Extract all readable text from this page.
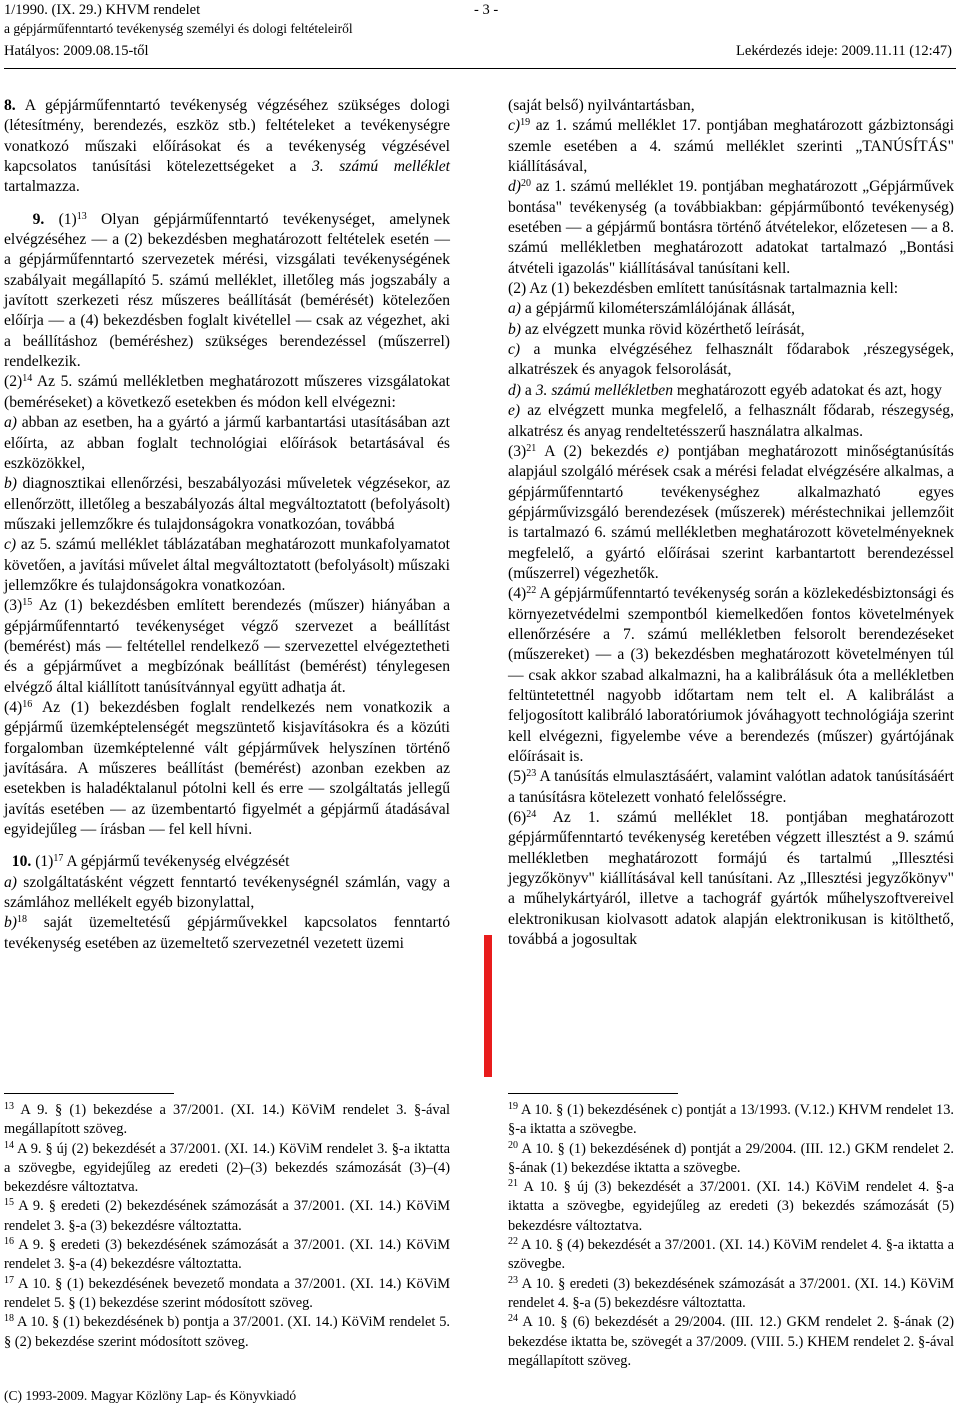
1/1990. (IX. 29.) KHVM rendelet	- 3 -
a gépjárműfenntartó tevékenység személyi és dologi feltételeiről
Hatályos: 2009.08.15-től	Lekérdezés ideje: 2009.11.11 (12:47)

8. A gépjárműfenntartó tevékenység végzéséhez szükséges dologi (létesítmény, berendezés, eszköz stb.) feltételeket a tevékenységre vonatkozó műszaki előírásokat és a tevékenység végzésével kapcsolatos tanúsítási kötelezettségeket a 3. számú melléklet tartalmazza.

9. $(1)^{13}$ Olyan gépjárműfenntartó tevékenységet, amelynek elvégzéséhez — a (2) bekezdésben meghatározott feltételek esetén — a gépjárműfenntartó szervezetek mérési, vizsgálati tevékenységének szabályait megállapító 5. számú melléklet, illetőleg más jogszabály a javított szerkezeti rész műszeres beállítását (bemérését) kötelezően előírja — a (4) bekezdésben foglalt kivétellel — csak az végezhet, aki a beállításhoz (beméréshez) szükséges berendezéssel (műszerrel) rendelkezik.

$(2)^{14}$ Az 5. számú mellékletben meghatározott műszeres vizsgálatokat (beméréseket) a következő esetekben és módon kell elvégezni:

a) abban az esetben, ha a gyártó a jármű karbantartási utasításában azt előírta, az abban foglalt technológiai előírások betartásával és eszközökkel,

b) diagnosztikai ellenőrzési, beszabályozási műveletek végzésekor, az ellenőrzött, illetőleg a beszabályozás által megváltoztatott (befolyásolt) műszaki jellemzőkre és tulajdonságokra vonatkozóan, továbbá

c) az 5. számú melléklet táblázatában meghatározott munkafolyamatot követően, a javítási művelet által megváltoztatott (befolyásolt) műszaki jellemzőkre és tulajdonságokra vonatkozóan.

$(3)^{15}$ Az (1) bekezdésben említett berendezés (műszer) hiányában a gépjárműfenntartó tevékenységet végző szervezet a beállítást (bemérést) más — feltétellel rendelkező — szervezettel elvégeztetheti és a gépjárművet a megbízónak beállítást (bemérést) ténylegesen elvégző által kiállított tanúsítvánnyal együtt adhatja át.

$(4)^{16}$ Az (1) bekezdésben foglalt rendelkezés nem vonatkozik a gépjármű üzemképtelenségét megszüntető kisjavításokra és a közúti forgalomban üzemképtelenné vált gépjárművek helyszínen történő javítására. A műszeres beállítást (bemérést) azonban ezekben az esetekben is haladéktalanul pótolni kell és erre — szolgáltatás jellegű javítás esetében — az üzembentartó figyelmét a gépjármű átadásával egyidejűleg — írásban — fel kell hívni.

10. $(1)^{17}$ A gépjármű tevékenység elvégzését

a) szolgáltatásként végzett fenntartó tevékenységnél számlán, vagy a számlához mellékelt egyéb bizonylattal,

b)$^{18}$ saját üzemeltetésű gépjárművekkel kapcsolatos fenntartó tevékenység esetében az üzemeltető szervezetnél vezetett üzemi

(saját belső) nyilvántartásban,

c)$^{19}$ az 1. számú melléklet 17. pontjában meghatározott gázbiztonsági szemle esetében a 4. számú melléklet szerinti „TANÚSÍTÁS" kiállításával,

d)$^{20}$ az 1. számú melléklet 19. pontjában meghatározott „Gépjárművek bontása" tevékenység (a továbbiakban: gépjárműbontó tevékenység) esetében — a gépjármű bontásra történő átvételekor, előzetesen — a 8. számú mellékletben meghatározott adatokat tartalmazó „Bontási átvételi igazolás" kiállításával tanúsítani kell.

(2) Az (1) bekezdésben említett tanúsításnak tartalmaznia kell:

a) a gépjármű kilométerszámlálójának állását,

b) az elvégzett munka rövid közérthető leírását,

c) a munka elvégzéséhez felhasznált fődarabok ,részegységek, alkatrészek és anyagok felsorolását,

d) a 3. számú mellékletben meghatározott egyéb adatokat és azt, hogy

e) az elvégzett munka megfelelő, a felhasznált fődarab, részegység, alkatrész és anyag rendeltetésszerű használatra alkalmas.

$(3)^{21}$ A (2) bekezdés e) pontjában meghatározott minőségtanúsítás alapjául szolgáló mérések csak a mérési feladat elvégzésére alkalmas, a gépjárműfenntartó tevékenységhez alkalmazható egyes gépjárművizsgáló berendezések (műszerek) méréstechnikai jellemzőit is tartalmazó 6. számú mellékletben meghatározott követelményeknek megfelelő, a gyártó előírásai szerint karbantartott berendezéssel (műszerrel) végezhetők.

$(4)^{22}$ A gépjárműfenntartó tevékenység során a közlekedésbiztonsági és környezetvédelmi szempontból kiemelkedően fontos követelmények ellenőrzésére a 7. számú mellékletben felsorolt berendezéseket (műszereket) — a (3) bekezdésben meghatározott követelményen túl — csak akkor szabad alkalmazni, ha a kalibrálásuk óta a mellékletben feltüntetettnél nagyobb időtartam nem telt el. A kalibrálást a feljogosított kalibráló laboratóriumok jóváhagyott technológiája szerint kell elvégezni, figyelembe véve a berendezés (műszer) gyártójának előírásait is.

$(5)^{23}$ A tanúsítás elmulasztásáért, valamint valótlan adatok tanúsításáért a tanúsításra kötelezett vonható felelősségre.

$(6)^{24}$ Az 1. számú melléklet 18. pontjában meghatározott gépjárműfenntartó tevékenység keretében végzett illesztést a 9. számú mellékletben meghatározott formájú és tartalmú „Illesztési jegyzőkönyv" kiállításával kell tanúsítani. Az „Illesztési jegyzőkönyv" a műhelykártyáról, illetve a tachográf gyártók műhelyszoftvereivel elektronikusan kiolvasott adatok alapján elektronikusan is kitölthető, továbbá a jogosultak

$^{13}$ A 9. § (1) bekezdése a 37/2001. (XI. 14.) KöViM rendelet 3. §-ával megállapított szöveg.

$^{14}$ A 9. § új (2) bekezdését a 37/2001. (XI. 14.) KöViM rendelet 3. §-a iktatta a szövegbe, egyidejűleg az eredeti (2)–(3) bekezdés számozását (3)–(4) bekezdésre változtatva.

$^{15}$ A 9. § eredeti (2) bekezdésének számozását a 37/2001. (XI. 14.) KöViM rendelet 3. §-a (3) bekezdésre változtatta.

$^{16}$ A 9. § eredeti (3) bekezdésének számozását a 37/2001. (XI. 14.) KöViM rendelet 3. §-a (4) bekezdésre változtatta.

$^{17}$ A 10. § (1) bekezdésének bevezető mondata a 37/2001. (XI. 14.) KöViM rendelet 5. § (1) bekezdése szerint módosított szöveg.

$^{18}$ A 10. § (1) bekezdésének b) pontja a 37/2001. (XI. 14.) KöViM rendelet 5. § (2) bekezdése szerint módosított szöveg.

$^{19}$ A 10. § (1) bekezdésének c) pontját a 13/1993. (V.12.) KHVM rendelet 13. §-a iktatta a szövegbe.

$^{20}$ A 10. § (1) bekezdésének d) pontját a 29/2004. (III. 12.) GKM rendelet 2. §-ának (1) bekezdése iktatta a szövegbe.

$^{21}$ A 10. § új (3) bekezdését a 37/2001. (XI. 14.) KöViM rendelet 4. §-a iktatta a szövegbe, egyidejűleg az eredeti (3) bekezdés számozását (5) bekezdésre változtatva.

$^{22}$ A 10. § (4) bekezdését a 37/2001. (XI. 14.) KöViM rendelet 4. §-a iktatta a szövegbe.

$^{23}$ A 10. § eredeti (3) bekezdésének számozását a 37/2001. (XI. 14.) KöViM rendelet 4. §-a (5) bekezdésre változtatta.

$^{24}$ A 10. § (6) bekezdését a 29/2004. (III. 12.) GKM rendelet 2. §-ának (2) bekezdése iktatta be, szövegét a 37/2009. (VIII. 5.) KHEM rendelet 2. §-ával megállapított szöveg.

(C) 1993-2009. Magyar Közlöny Lap- és Könyvkiadó
